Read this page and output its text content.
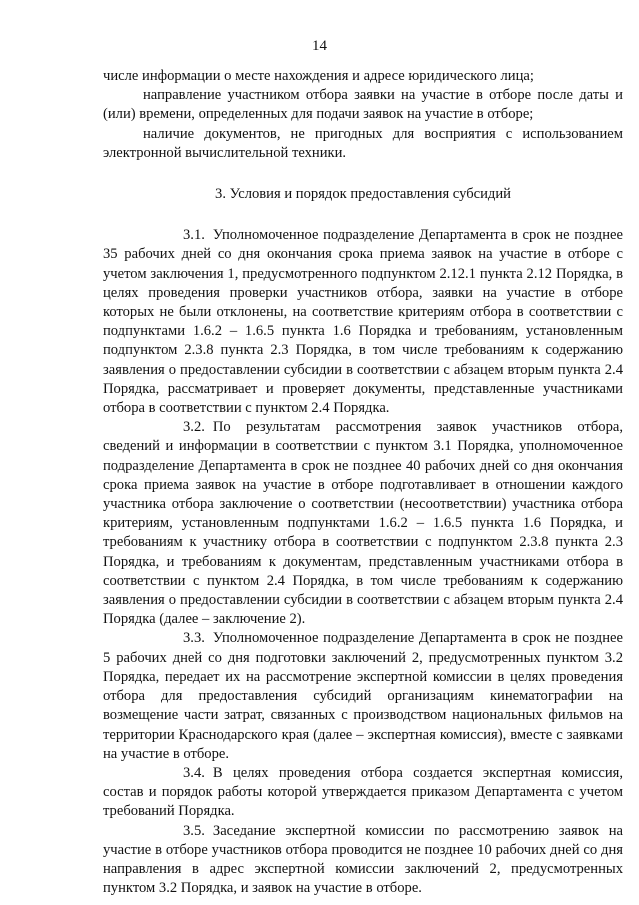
14

числе информации о месте нахождения и адресе юридического лица;

направление участником отбора заявки на участие в отборе после даты и (или) времени, определенных для подачи заявок на участие в отборе;

наличие документов, не пригодных для восприятия с использованием электронной вычислительной техники.

3. Условия и порядок предоставления субсидий

3.1. Уполномоченное подразделение Департамента в срок не позднее 35 рабочих дней со дня окончания срока приема заявок на участие в отборе с учетом заключения 1, предусмотренного подпунктом 2.12.1 пункта 2.12 Порядка, в целях проведения проверки участников отбора, заявки на участие в отборе которых не были отклонены, на соответствие критериям отбора в соответствии с подпунктами 1.6.2 – 1.6.5 пункта 1.6 Порядка и требованиям, установленным подпунктом 2.3.8 пункта 2.3 Порядка, в том числе требованиям к содержанию заявления о предоставлении субсидии в соответствии с абзацем вторым пункта 2.4 Порядка, рассматривает и проверяет документы, представленные участниками отбора в соответствии с пунктом 2.4 Порядка.

3.2. По результатам рассмотрения заявок участников отбора, сведений и информации в соответствии с пунктом 3.1 Порядка, уполномоченное подразделение Департамента в срок не позднее 40 рабочих дней со дня окончания срока приема заявок на участие в отборе подготавливает в отношении каждого участника отбора заключение о соответствии (несоответствии) участника отбора критериям, установленным подпунктами 1.6.2 – 1.6.5 пункта 1.6 Порядка, и требованиям к участнику отбора в соответствии с подпунктом 2.3.8 пункта 2.3 Порядка, и требованиям к документам, представленным участниками отбора в соответствии с пунктом 2.4 Порядка, в том числе требованиям к содержанию заявления о предоставлении субсидии в соответствии с абзацем вторым пункта 2.4 Порядка (далее – заключение 2).

3.3. Уполномоченное подразделение Департамента в срок не позднее 5 рабочих дней со дня подготовки заключений 2, предусмотренных пунктом 3.2 Порядка, передает их на рассмотрение экспертной комиссии в целях проведения отбора для предоставления субсидий организациям кинематографии на возмещение части затрат, связанных с производством национальных фильмов на территории Краснодарского края (далее – экспертная комиссия), вместе с заявками на участие в отборе.

3.4. В целях проведения отбора создается экспертная комиссия, состав и порядок работы которой утверждается приказом Департамента с учетом требований Порядка.

3.5. Заседание экспертной комиссии по рассмотрению заявок на участие в отборе участников отбора проводится не позднее 10 рабочих дней со дня направления в адрес экспертной комиссии заключений 2, предусмотренных пунктом 3.2 Порядка, и заявок на участие в отборе.
